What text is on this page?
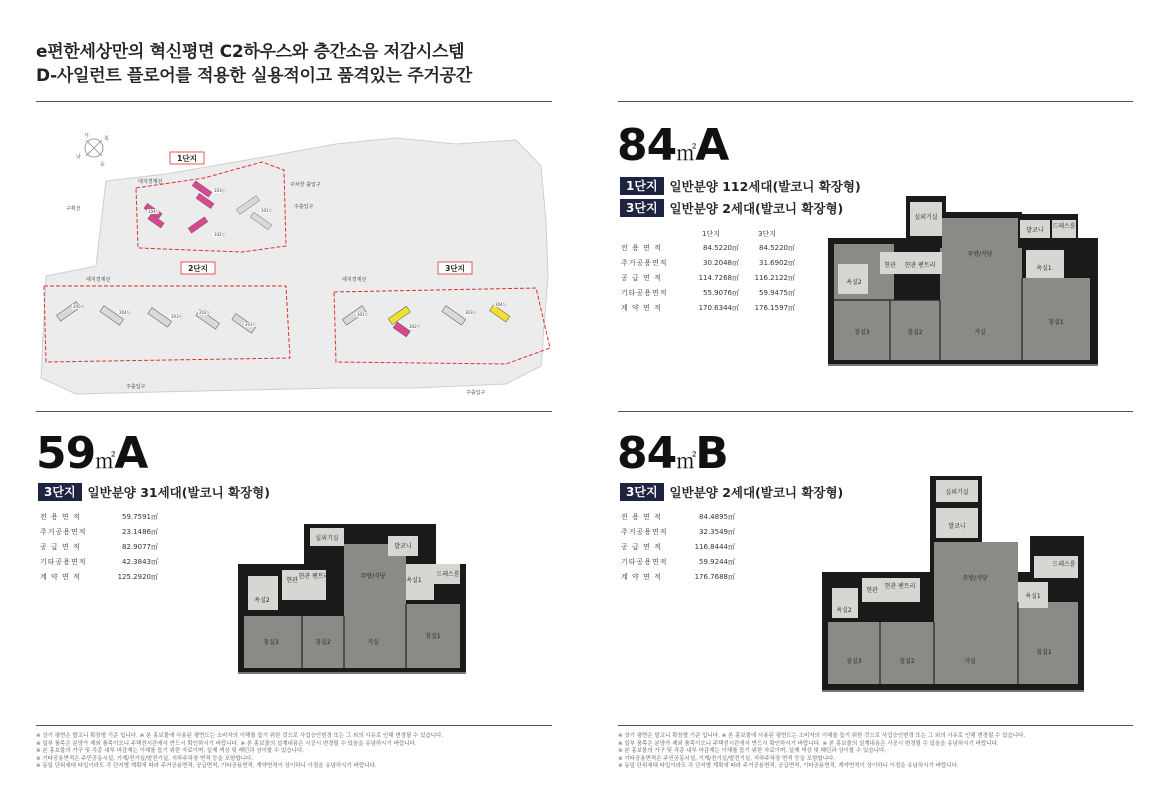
e편한세상만의 혁신평면 C2하우스와 층간소음 저감시스템
D-사일런트 플로어를 적용한 실용적이고 품격있는 주거공간
서	북
남
동
1단지
대지경계선
구획선	주출입구
주차장 출입구
104동
103동
101동
102동
2단지
대지경계선
주출입구
205동
204동
203동
202동
201동
3단지
대지경계선
주출입구
301동
302동
303동
304동
84㎡A
1단지 일반분양 112세대(발코니 확장형)
3단지 일반분양 2세대(발코니 확장형)
	1단지	3단지
전 용 면 적	84.5220㎡	84.5220㎡
주거공용면적	30.2048㎡	31.6902㎡
공 급 면 적	114.7268㎡	116.2122㎡
기타공용면적	55.9076㎡	59.9475㎡
계 약 면 적	170.6344㎡	176.1597㎡
실외기실
발코니
드레스룸
주방/식당
현관 현관 팬트리	욕실1
욕실2
거실
침실1
침실2
침실3
59㎡A
3단지 일반분양 31세대(발코니 확장형)
전 용 면 적	59.7591㎡
주거공용면적	23.1486㎡
공 급 면 적	82.9077㎡
기타공용면적	42.3843㎡
계 약 면 적	125.2920㎡
실외기실
발코니
드레스룸
주방/식당
현관
현관 팬트리
욕실1
욕실2
거실
침실1
침실2
침실3
84㎡B
3단지 일반분양 2세대(발코니 확장형)
전 용 면 적	84.4895㎡
주거공용면적	32.3549㎡
공 급 면 적	116.8444㎡
기타공용면적	59.9244㎡
계 약 면 적	176.7688㎡
실외기실
발코니
드레스룸
주방/식당
현관
현관 팬트리
욕실1
욕실2
거실
침실1
침실2
침실3
※ 상기 평면은 발코니 확장형 기준 입니다. ※ 본 홍보물에 사용된 평면도는 소비자의 이해를 돕기 위한 것으로 사업승인변경 또는 그 외의 사유로 인해 변경될 수 있습니다.
※ 일부 품목은 분양가 제외 품목이오니 주택전시관에서 반드시 확인하시기 바랍니다. ※ 본 홍보물의 설계내용은 시공시 변경될 수 있음을 유념하시기 바랍니다.
※ 본 홍보물의 가구 및 각종 내부 마감재는 이해를 돕기 위한 자료이며, 실제 색상 및 패턴과 상이할 수 있습니다.
※ 기타공용면적은 주민공동시설, 기계/전기실/발전기실, 지하주차장 면적 등을 포함합니다.
※ 동일 단위세대 타입이라도 각 단지별 계획에 따라 주거공용면적, 공급면적, 기타공용면적, 계약면적이 상이하니 이점을 유념하시기 바랍니다.
※ 상기 평면은 발코니 확장형 기준 입니다. ※ 본 홍보물에 사용된 평면도는 소비자의 이해를 돕기 위한 것으로 사업승인변경 또는 그 외의 사유로 인해 변경될 수 있습니다.
※ 일부 품목은 분양가 제외 품목이오니 주택전시관에서 반드시 확인하시기 바랍니다. ※ 본 홍보물의 설계내용은 시공시 변경될 수 있음을 유념하시기 바랍니다.
※ 본 홍보물의 가구 및 각종 내부 마감재는 이해를 돕기 위한 자료이며, 실제 색상 및 패턴과 상이할 수 있습니다.
※ 기타공용면적은 주민공동시설, 기계/전기실/발전기실, 지하주차장 면적 등을 포함합니다.
※ 동일 단위세대 타입이라도 각 단지별 계획에 따라 주거공용면적, 공급면적, 기타공용면적, 계약면적이 상이하니 이점을 유념하시기 바랍니다.
